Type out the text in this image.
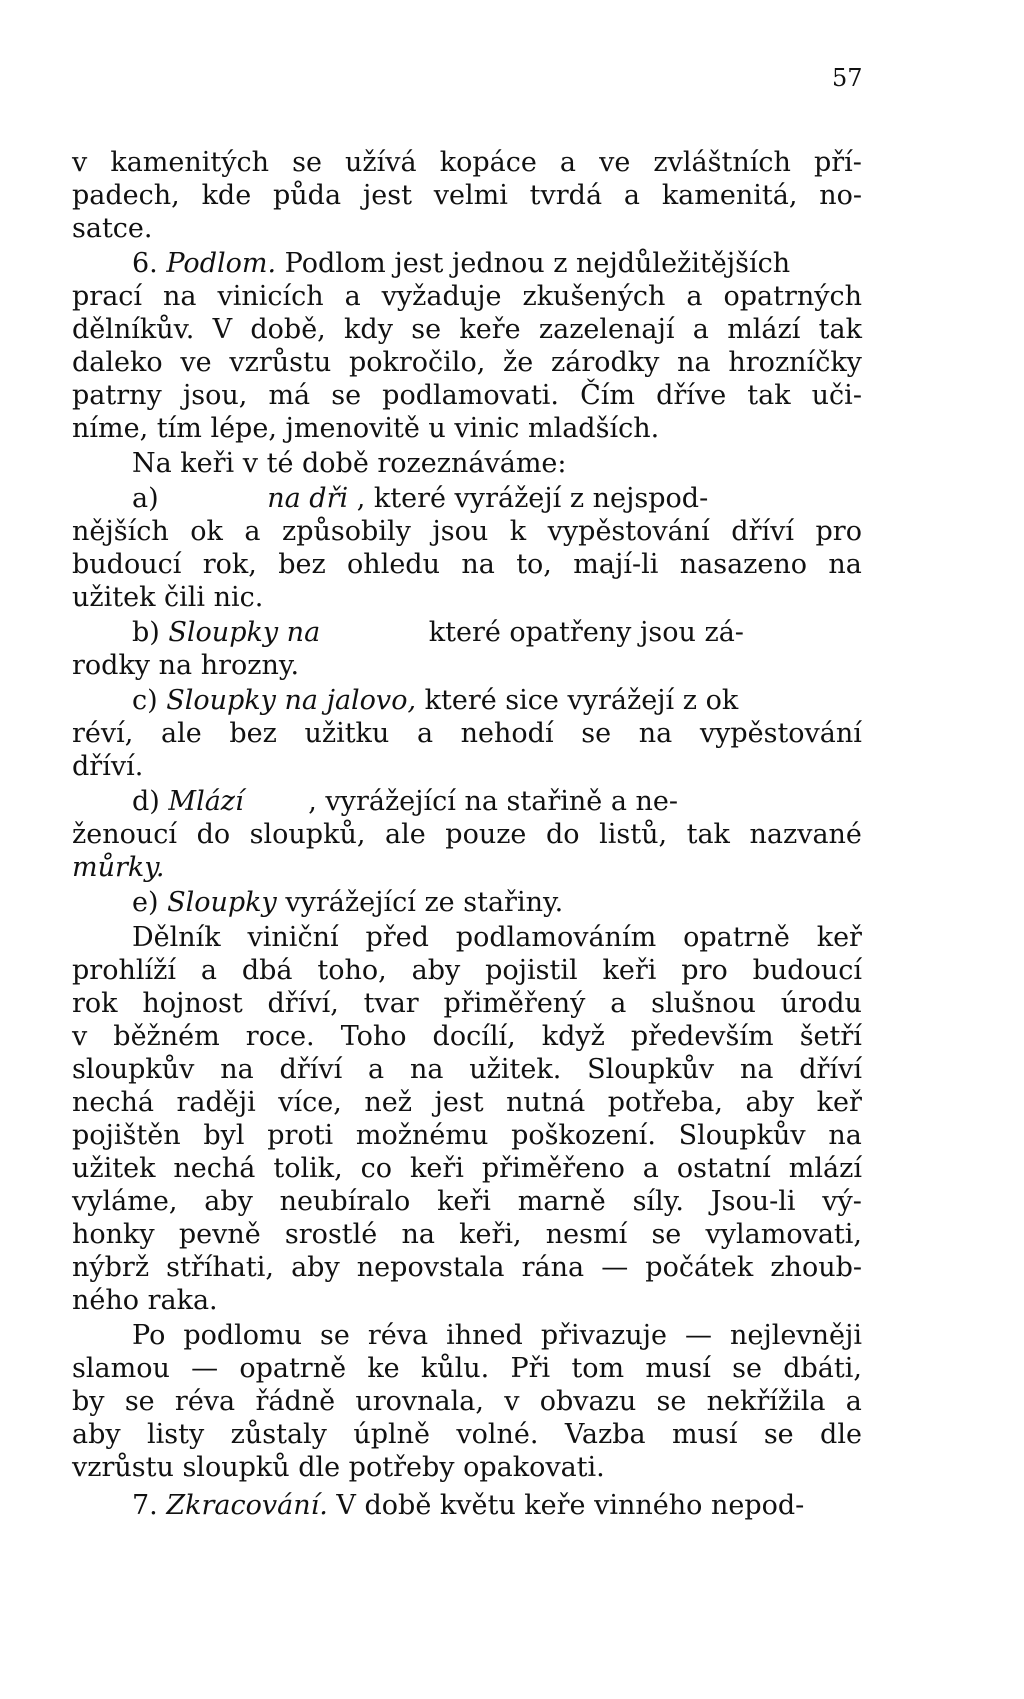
57

v kamenitých se užívá kopáce a ve zvláštních pří-

padech, kde půda jest velmi tvrdá a kamenitá, no-

satce.

6. Podlom. Podlom jest jednou z nejdůležitějších

prací na vinicích a vyžaduje zkušených a opatrných

dělníkův. V době, kdy se keře zazelenají a mlází tak

daleko ve vzrůstu pokročilo, že zárodky na hrozníčky

patrny jsou, má se podlamovati. Čím dříve tak uči-

níme, tím lépe, jmenovitě u vinic mladších.

Na keři v té době rozeznáváme:

a)	na dři , které vyrážejí z nejspod-

nějších ok a způsobily jsou k vypěstování dříví pro

budoucí rok, bez ohledu na to, mají-li nasazeno na

užitek čili nic.

b) Sloupky na	které opatřeny jsou zá-

rodky na hrozny.

c) Sloupky na jalovo, které sice vyrážejí z ok

réví, ale bez užitku a nehodí se na vypěstování

dříví.

d) Mlází , vyrážející na stařině a ne-

ženoucí do sloupků, ale pouze do listů, tak nazvané

můrky.

e) Sloupky vyrážející ze stařiny.

Dělník viniční před podlamováním opatrně keř

prohlíží a dbá toho, aby pojistil keři pro budoucí

rok hojnost dříví, tvar přiměřený a slušnou úrodu

v běžném roce. Toho docílí, když především šetří

sloupkův na dříví a na užitek. Sloupkův na dříví

nechá raději více, než jest nutná potřeba, aby keř

pojištěn byl proti možnému poškození. Sloupkův na

užitek nechá tolik, co keři přiměřeno a ostatní mlází

vyláme, aby neubíralo keři marně síly. Jsou-li vý-

honky pevně srostlé na keři, nesmí se vylamovati,

nýbrž stříhati, aby nepovstala rána — počátek zhoub-

ného raka.

Po podlomu se réva ihned přivazuje — nejlevněji

slamou — opatrně ke kůlu. Při tom musí se dbáti,

by se réva řádně urovnala, v obvazu se nekřížila a

aby listy zůstaly úplně volné. Vazba musí se dle

vzrůstu sloupků dle potřeby opakovati.

7. Zkracování. V době květu keře vinného nepod-
